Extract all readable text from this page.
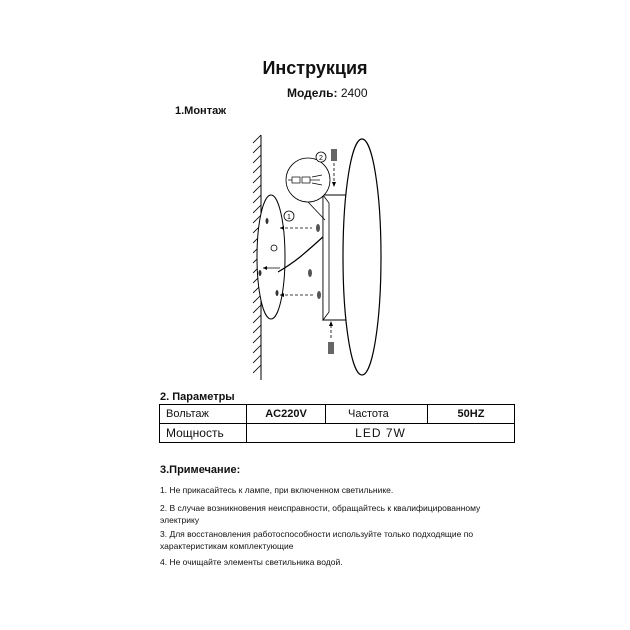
Инструкция
Модель: 2400
1.Монтаж
1
2
2. Параметры
Вольтаж	AC220V	Частота	50HZ
Мощность	LED 7W		
3.Примечание:
1. Не прикасайтесь к лампе, при включенном светильнике.
2. В случае возникновения неисправности, обращайтесь к квалифицированному электрику
3. Для восстановления работоспособности используйте только подходящие по характеристикам комплектующие
4. Не очищайте элементы светильника водой.
